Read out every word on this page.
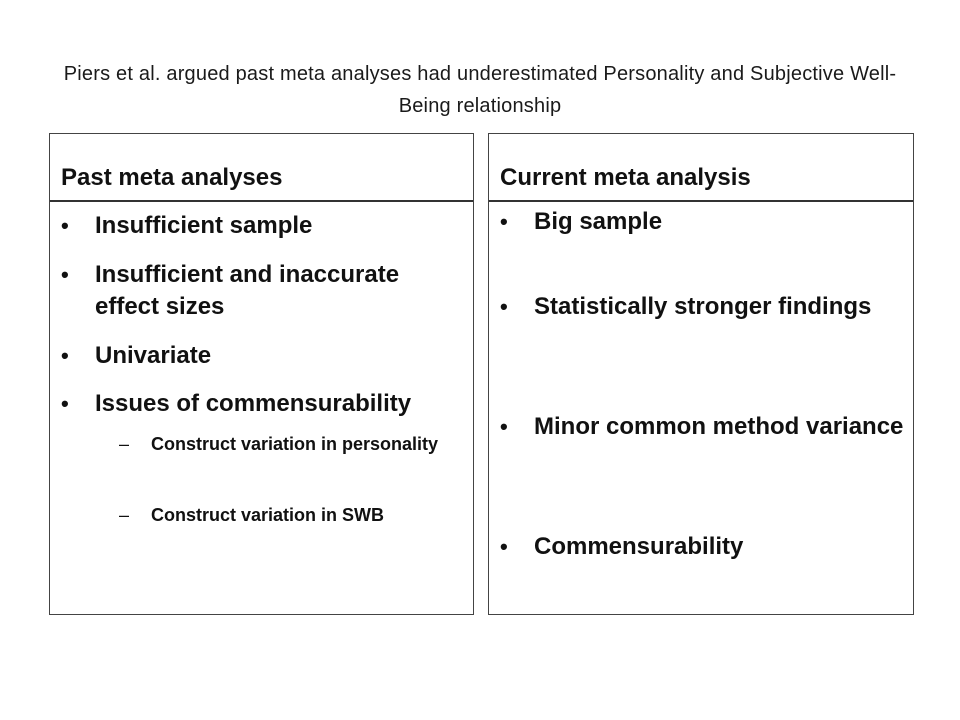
Piers et al. argued past meta analyses had underestimated Personality and Subjective Well-Being relationship
Past meta analyses
•	Insufficient sample
•	Insufficient and inaccurate effect sizes
•	Univariate
•	Issues of commensurability
– Construct variation in personality
– Construct variation in SWB
Current meta analysis
•	Big sample
•	Statistically stronger findings
•	Minor common method variance
•	Commensurability
